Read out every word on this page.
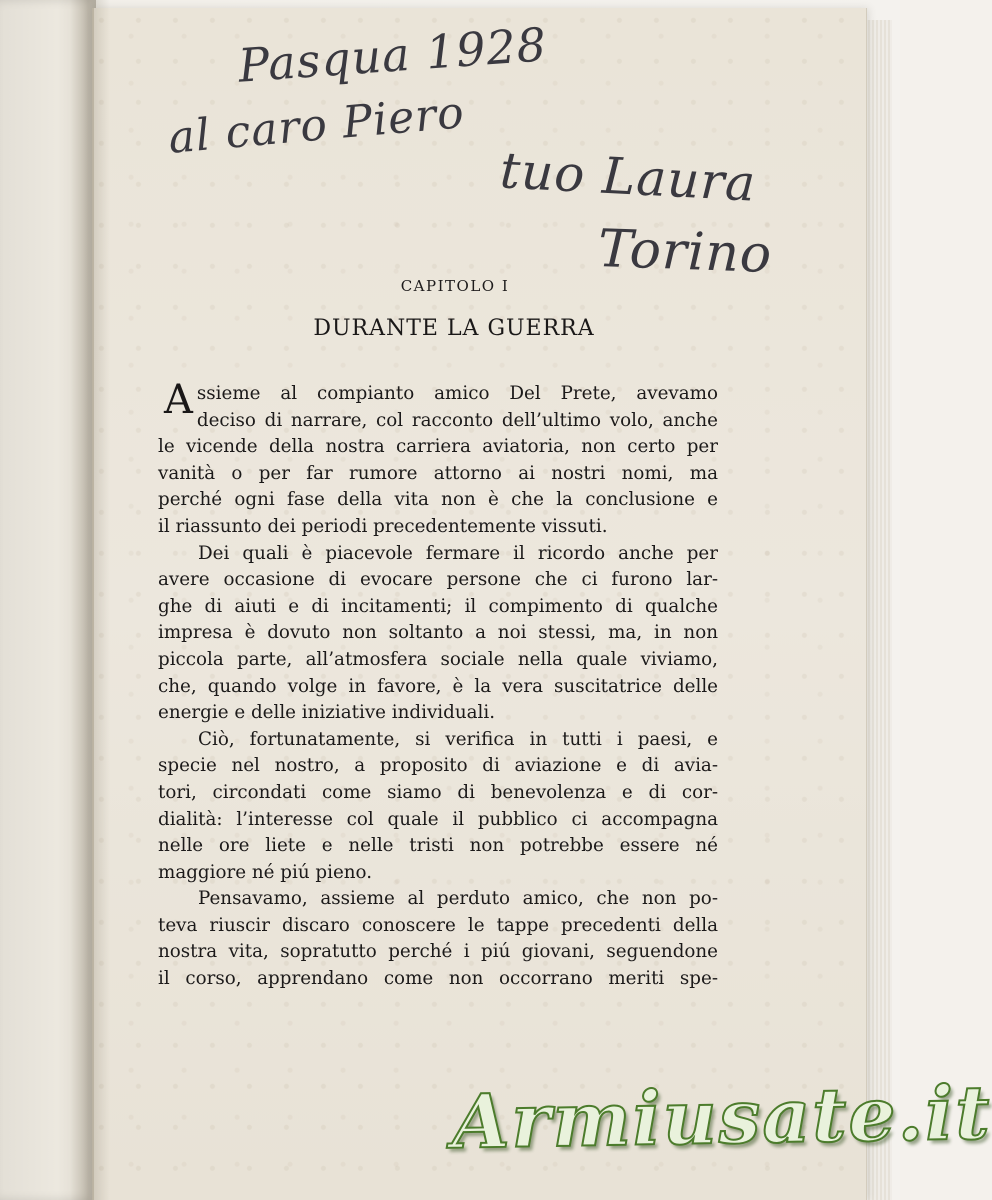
Pasqua 1928
al caro Piero
tuo Laura
Torino
CAPITOLO I
DURANTE LA GUERRA
A ssieme al compianto amico Del Prete, avevamo
deciso di narrare, col racconto dell’ultimo volo, anche
le vicende della nostra carriera aviatoria, non certo per
vanità o per far rumore attorno ai nostri nomi, ma
perché ogni fase della vita non è che la conclusione e
il riassunto dei periodi precedentemente vissuti.
Dei quali è piacevole fermare il ricordo anche per
avere occasione di evocare persone che ci furono lar-
ghe di aiuti e di incitamenti; il compimento di qualche
impresa è dovuto non soltanto a noi stessi, ma, in non
piccola parte, all’atmosfera sociale nella quale viviamo,
che, quando volge in favore, è la vera suscitatrice delle
energie e delle iniziative individuali.
Ciò, fortunatamente, si verifica in tutti i paesi, e
specie nel nostro, a proposito di aviazione e di avia-
tori, circondati come siamo di benevolenza e di cor-
dialità: l’interesse col quale il pubblico ci accompagna
nelle ore liete e nelle tristi non potrebbe essere né
maggiore né piú pieno.
Pensavamo, assieme al perduto amico, che non po-
teva riuscir discaro conoscere le tappe precedenti della
nostra vita, sopratutto perché i piú giovani, seguendone
il corso, apprendano come non occorrano meriti spe-
Armiusate.it
